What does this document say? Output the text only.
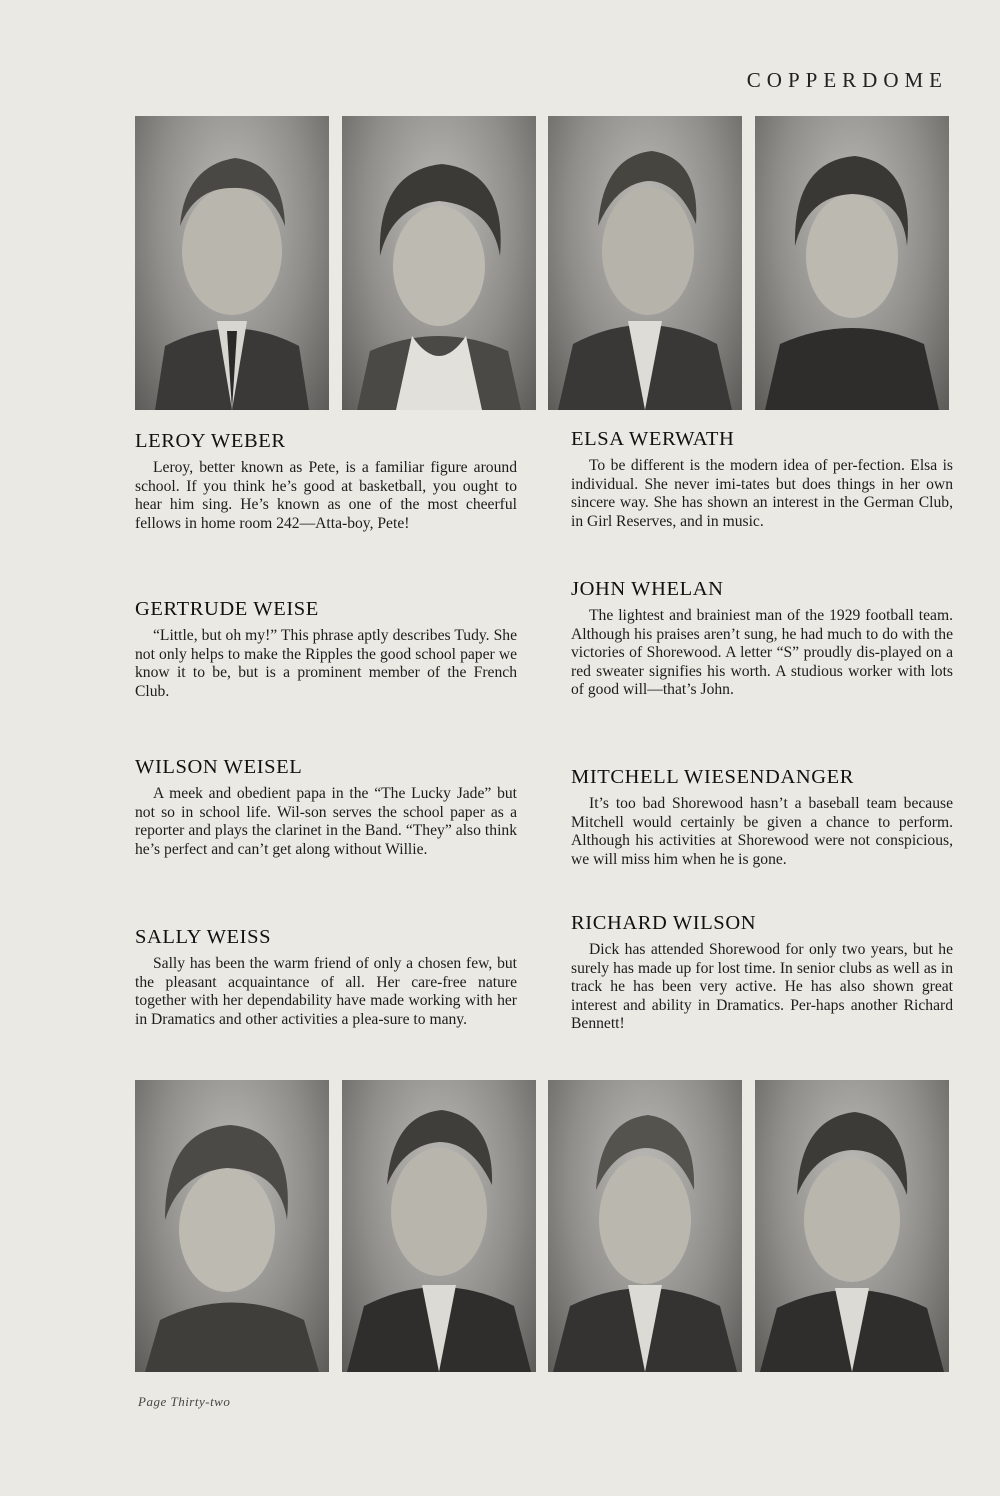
COPPERDOME
LEROY WEBER

Leroy, better known as Pete, is a familiar figure around school. If you think he’s good at basketball, you ought to hear him sing. He’s known as one of the most cheerful fellows in home room 242—Atta-boy, Pete!

GERTRUDE WEISE

“Little, but oh my!” This phrase aptly describes Tudy. She not only helps to make the Ripples the good school paper we know it to be, but is a prominent member of the French Club.

WILSON WEISEL

A meek and obedient papa in the “The Lucky Jade” but not so in school life. Wil-son serves the school paper as a reporter and plays the clarinet in the Band. “They” also think he’s perfect and can’t get along without Willie.

SALLY WEISS

Sally has been the warm friend of only a chosen few, but the pleasant acquaintance of all. Her care-free nature together with her dependability have made working with her in Dramatics and other activities a plea-sure to many.

ELSA WERWATH

To be different is the modern idea of per-fection. Elsa is individual. She never imi-tates but does things in her own sincere way. She has shown an interest in the German Club, in Girl Reserves, and in music.

JOHN WHELAN

The lightest and brainiest man of the 1929 football team. Although his praises aren’t sung, he had much to do with the victories of Shorewood. A letter “S” proudly dis-played on a red sweater signifies his worth. A studious worker with lots of good will—that’s John.

MITCHELL WIESENDANGER

It’s too bad Shorewood hasn’t a baseball team because Mitchell would certainly be given a chance to perform. Although his activities at Shorewood were not conspicious, we will miss him when he is gone.

RICHARD WILSON

Dick has attended Shorewood for only two years, but he surely has made up for lost time. In senior clubs as well as in track he has been very active. He has also shown great interest and ability in Dramatics. Per-haps another Richard Bennett!

Page Thirty-two
